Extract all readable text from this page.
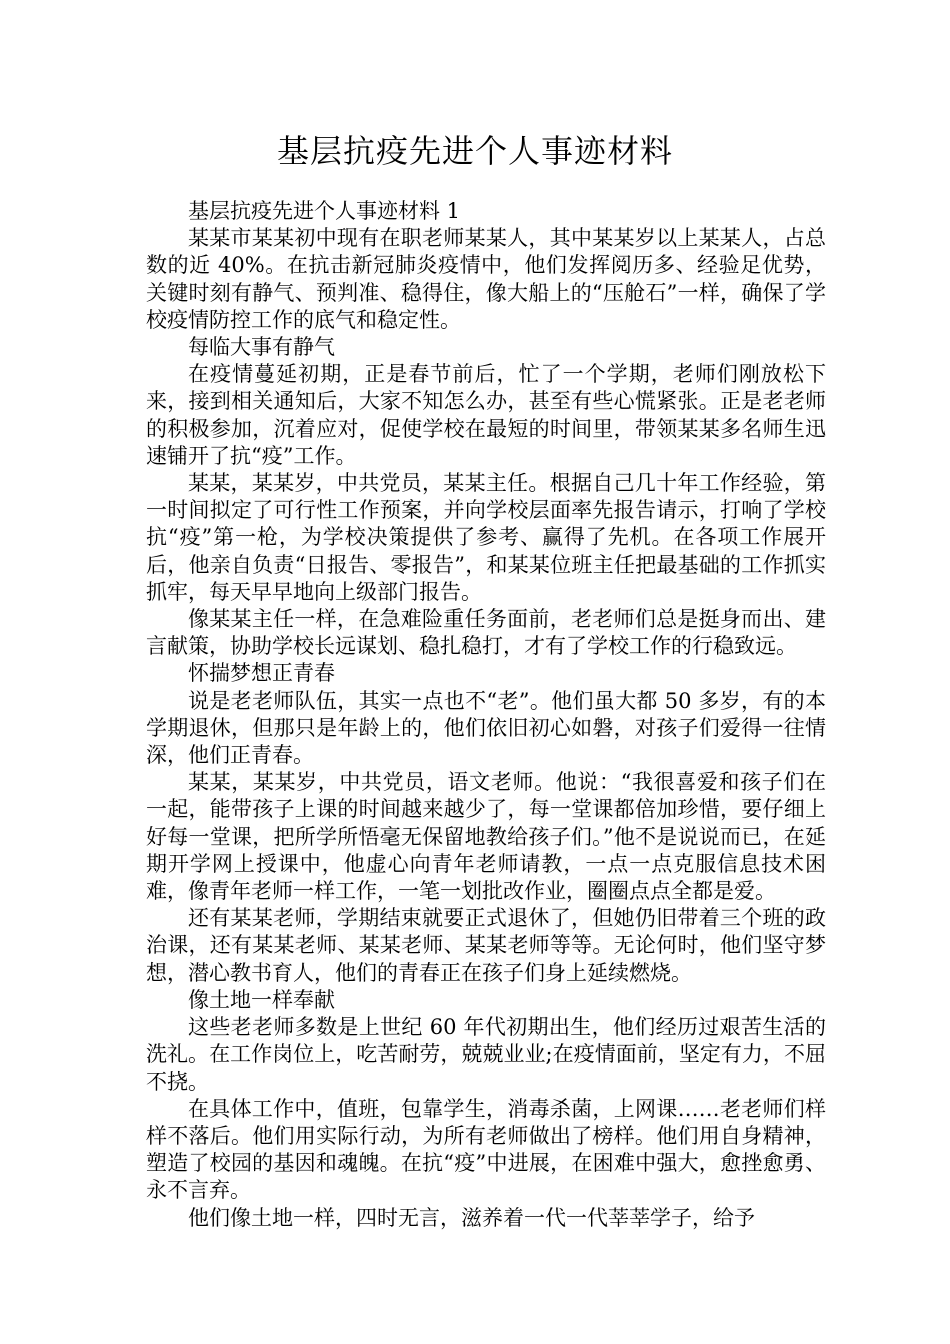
基层抗疫先进个人事迹材料

基层抗疫先进个人事迹材料 1

某某市某某初中现有在职老师某某人，其中某某岁以上某某人，占总数的近 40%。在抗击新冠肺炎疫情中，他们发挥阅历多、经验足优势，关键时刻有静气、预判准、稳得住，像大船上的“压舱石”一样，确保了学校疫情防控工作的底气和稳定性。

每临大事有静气

在疫情蔓延初期，正是春节前后，忙了一个学期，老师们刚放松下来，接到相关通知后，大家不知怎么办，甚至有些心慌紧张。正是老老师的积极参加，沉着应对，促使学校在最短的时间里，带领某某多名师生迅速铺开了抗“疫”工作。

某某，某某岁，中共党员，某某主任。根据自己几十年工作经验，第一时间拟定了可行性工作预案，并向学校层面率先报告请示，打响了学校抗“疫”第一枪，为学校决策提供了参考、赢得了先机。在各项工作展开后，他亲自负责“日报告、零报告”，和某某位班主任把最基础的工作抓实抓牢，每天早早地向上级部门报告。

像某某主任一样，在急难险重任务面前，老老师们总是挺身而出、建言献策，协助学校长远谋划、稳扎稳打，才有了学校工作的行稳致远。

怀揣梦想正青春

说是老老师队伍，其实一点也不“老”。他们虽大都 50 多岁，有的本学期退休，但那只是年龄上的，他们依旧初心如磐，对孩子们爱得一往情深，他们正青春。

某某，某某岁，中共党员，语文老师。他说：“我很喜爱和孩子们在一起，能带孩子上课的时间越来越少了，每一堂课都倍加珍惜，要仔细上好每一堂课，把所学所悟毫无保留地教给孩子们。”他不是说说而已，在延期开学网上授课中，他虚心向青年老师请教，一点一点克服信息技术困难，像青年老师一样工作，一笔一划批改作业，圈圈点点全都是爱。

还有某某老师，学期结束就要正式退休了，但她仍旧带着三个班的政治课，还有某某老师、某某老师、某某老师等等。无论何时，他们坚守梦想，潜心教书育人，他们的青春正在孩子们身上延续燃烧。

像土地一样奉献

这些老老师多数是上世纪 60 年代初期出生，他们经历过艰苦生活的洗礼。在工作岗位上，吃苦耐劳，兢兢业业;在疫情面前，坚定有力，不屈不挠。

在具体工作中，值班，包靠学生，消毒杀菌，上网课……老老师们样样不落后。他们用实际行动，为所有老师做出了榜样。他们用自身精神，塑造了校园的基因和魂魄。在抗“疫”中进展，在困难中强大，愈挫愈勇、永不言弃。

他们像土地一样，四时无言，滋养着一代一代莘莘学子，给予
